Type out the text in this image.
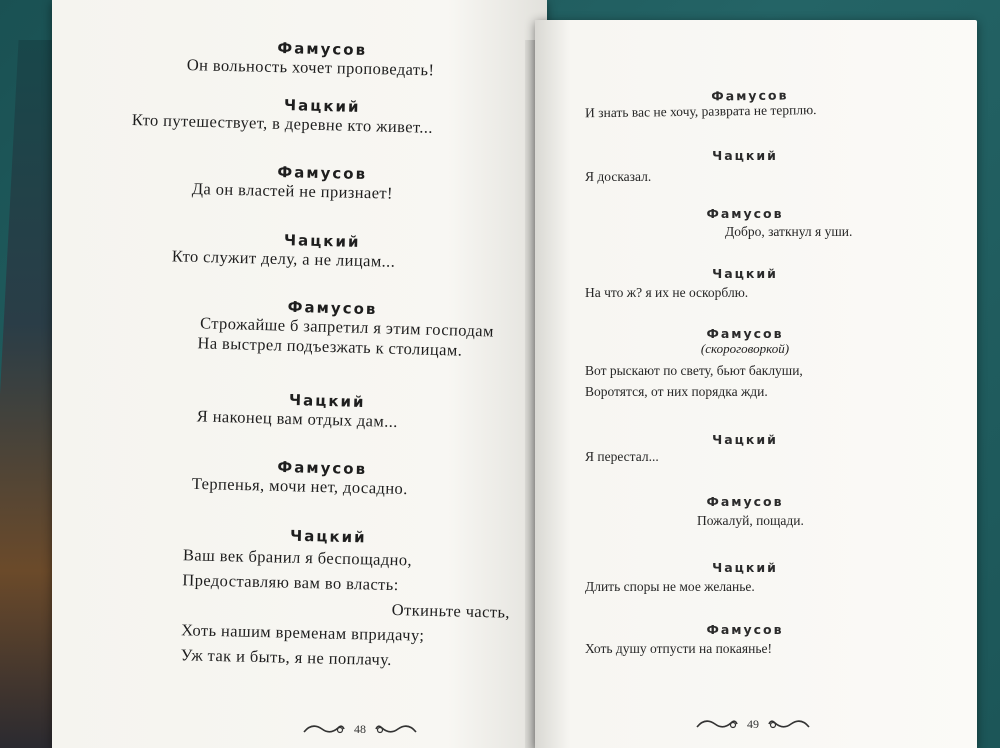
Фамусов
Он вольность хочет проповедать!
Чацкий
Кто путешествует, в деревне кто живет...
Фамусов
Да он властей не признает!
Чацкий
Кто служит делу, а не лицам...
Фамусов
Строжайше б запретил я этим господам
На выстрел подъезжать к столицам.
Чацкий
Я наконец вам отдых дам...
Фамусов
Терпенья, мочи нет, досадно.
Чацкий
Ваш век бранил я беспощадно,
Предоставляю вам во власть:
Откиньте часть,
Хоть нашим временам впридачу;
Уж так и быть, я не поплачу.
48
Фамусов
И знать вас не хочу, разврата не терплю.
Чацкий
Я досказал.
Фамусов
Добро, заткнул я уши.
Чацкий
На что ж? я их не оскорблю.
Фамусов
(скороговоркой)
Вот рыскают по свету, бьют баклуши,
Воротятся, от них порядка жди.
Чацкий
Я перестал...
Фамусов
Пожалуй, пощади.
Чацкий
Длить споры не мое желанье.
Фамусов
Хоть душу отпусти на покаянье!
49
